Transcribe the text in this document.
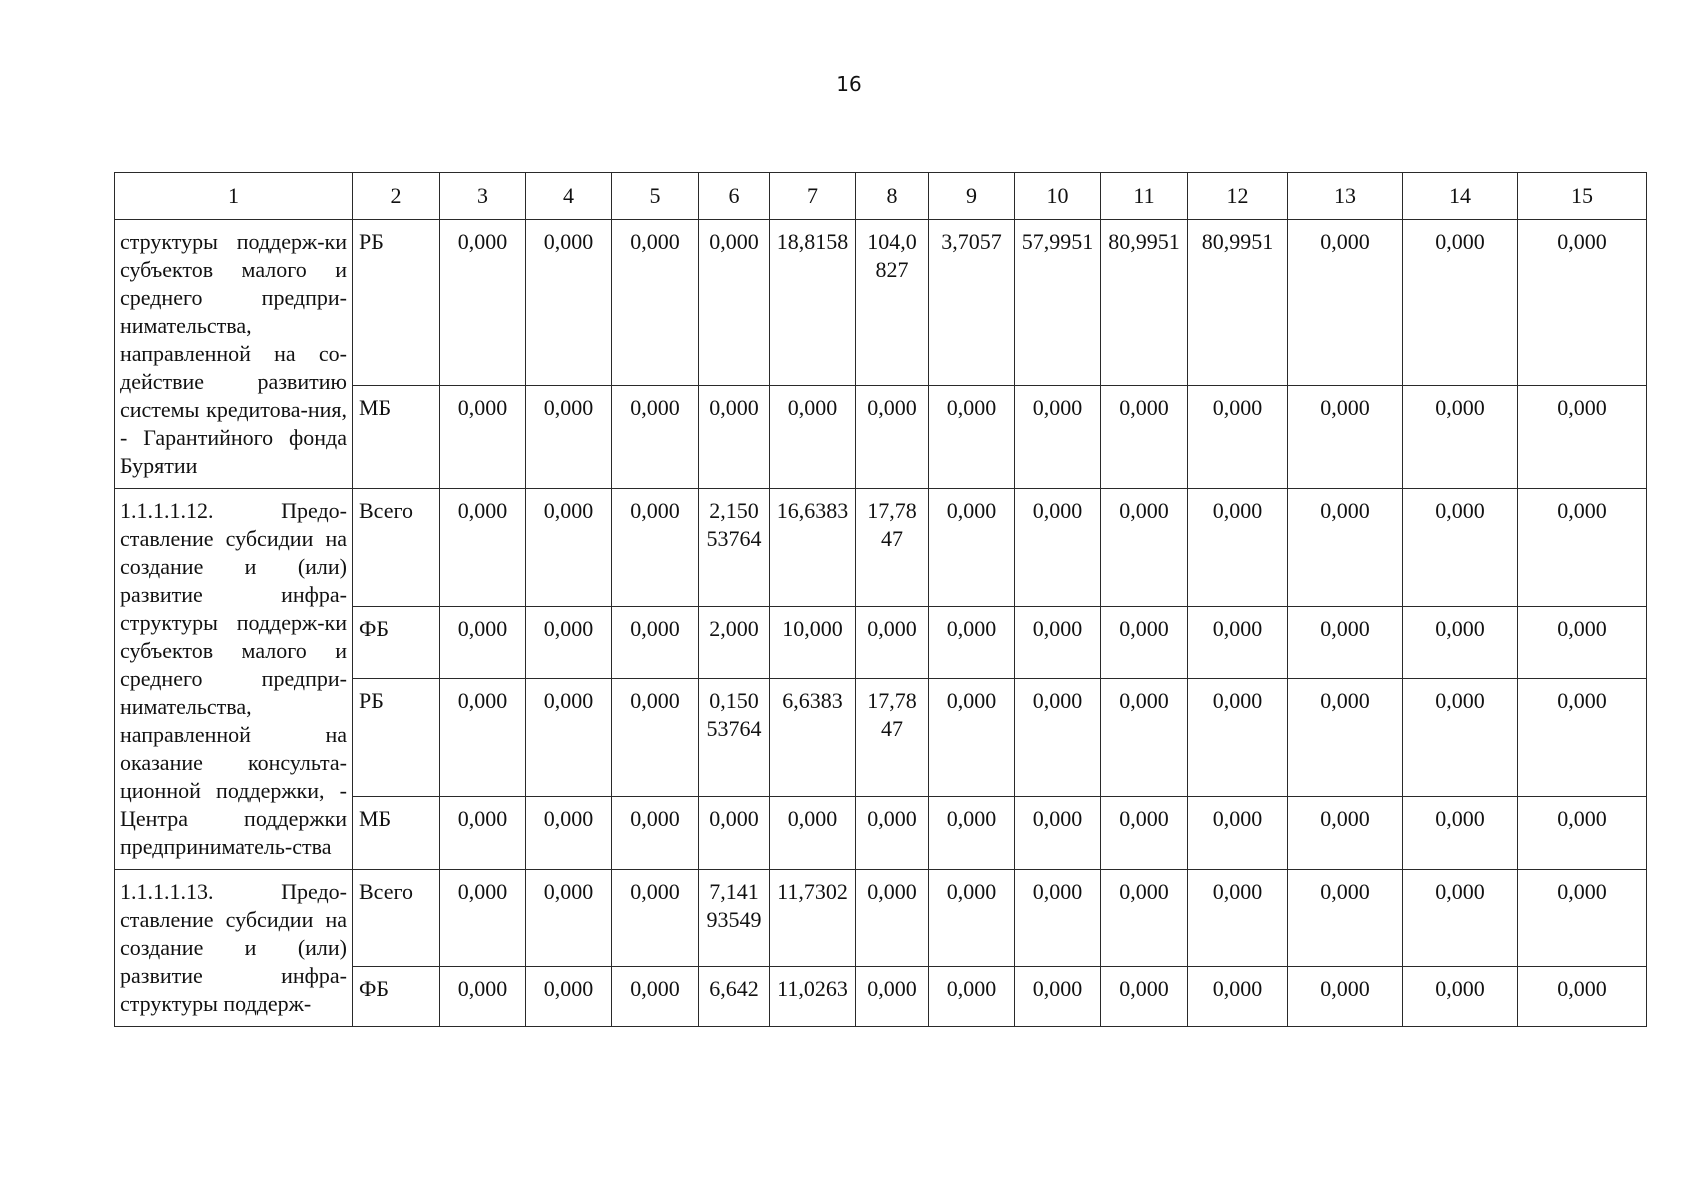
16
1	2	3	4	5	6	7	8	9	10	11	12	13	14	15
структуры поддерж-ки субъектов малого и среднего предпри-нимательства, направленной на со-действие развитию системы кредитова-ния, - Гарантийного фонда Бурятии	РБ	0,000	0,000	0,000	0,000	18,8158	104,0827	3,7057	57,9951	80,9951	80,9951	0,000	0,000	0,000
	МБ	0,000	0,000	0,000	0,000	0,000	0,000	0,000	0,000	0,000	0,000	0,000	0,000	0,000
1.1.1.1.12. Предо-ставление субсидии на создание и (или) развитие инфра-структуры поддерж-ки субъектов малого и среднего предпри-нимательства, направленной на оказание консульта-ционной поддержки, - Центра поддержки предприниматель-ства	Всего	0,000	0,000	0,000	2,15053764	16,6383	17,7847	0,000	0,000	0,000	0,000	0,000	0,000	0,000
	ФБ	0,000	0,000	0,000	2,000	10,000	0,000	0,000	0,000	0,000	0,000	0,000	0,000	0,000
	РБ	0,000	0,000	0,000	0,15053764	6,6383	17,7847	0,000	0,000	0,000	0,000	0,000	0,000	0,000
	МБ	0,000	0,000	0,000	0,000	0,000	0,000	0,000	0,000	0,000	0,000	0,000	0,000	0,000
1.1.1.1.13. Предо-ставление субсидии на создание и (или) развитие инфра-структуры поддерж-	Всего	0,000	0,000	0,000	7,14193549	11,7302	0,000	0,000	0,000	0,000	0,000	0,000	0,000	0,000
	ФБ	0,000	0,000	0,000	6,642	11,0263	0,000	0,000	0,000	0,000	0,000	0,000	0,000	0,000
